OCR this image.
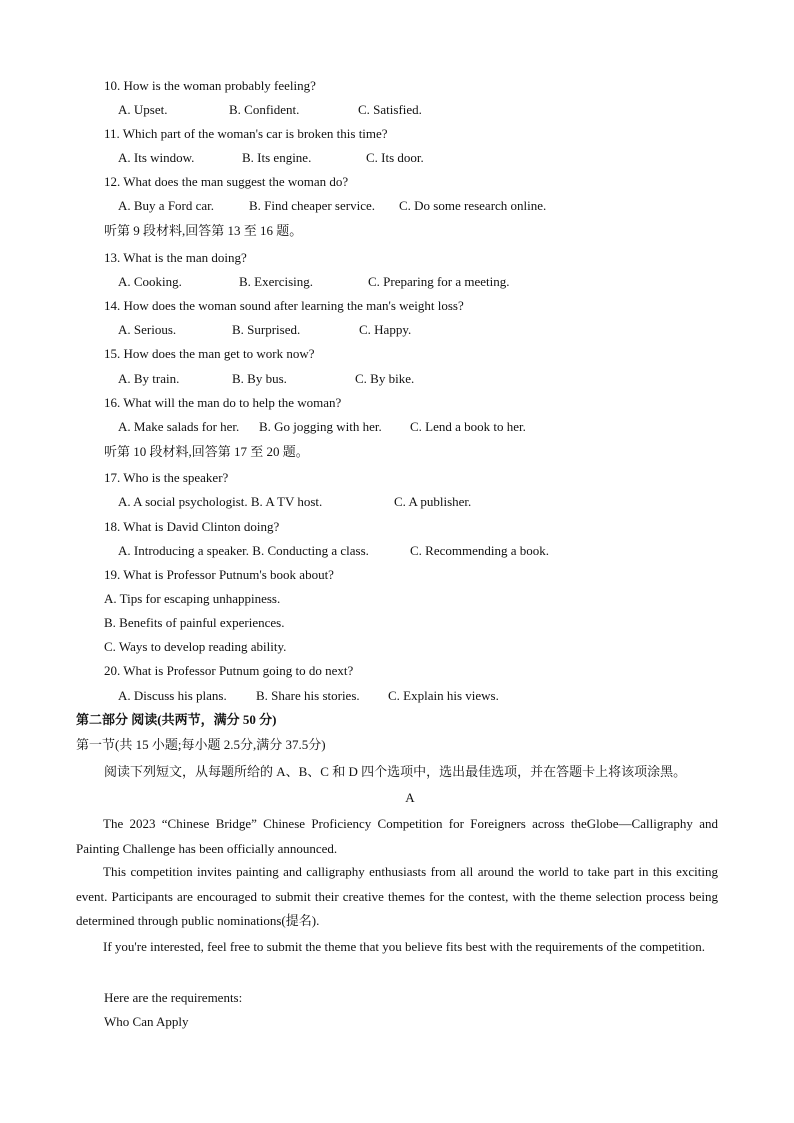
10. How is the woman probably feeling?
A. Upset.	B. Confident.	C. Satisfied.
11. Which part of the woman's car is broken this time?
A. Its window.	B. Its engine.	C. Its door.
12. What does the man suggest the woman do?
A. Buy a Ford car.	B. Find cheaper service. C. Do some research online.
听第 9 段材料,回答第 13 至 16 题。
13. What is the man doing?
A. Cooking.	B. Exercising.	C. Preparing for a meeting.
14. How does the woman sound after learning the man's weight loss?
A. Serious.	B. Surprised.	C. Happy.
15. How does the man get to work now?
A. By train.	B. By bus.	C. By bike.
16. What will the man do to help the woman?
A. Make salads for her. B. Go jogging with her. C. Lend a book to her.
听第 10 段材料,回答第 17 至 20 题。
17. Who is the speaker?
A. A social psychologist. B. A TV host.	C. A publisher.
18. What is David Clinton doing?
A. Introducing a speaker. B. Conducting a class.	C. Recommending a book.
19. What is Professor Putnum's book about?
A. Tips for escaping unhappiness.
B. Benefits of painful experiences.
C. Ways to develop reading ability.
20. What is Professor Putnum going to do next?
A. Discuss his plans. B. Share his stories. C. Explain his views.
第二部分 阅读(共两节，满分 50 分)
第一节(共 15 小题;每小题 2.5分,满分 37.5分)
阅读下列短文，从每题所给的 A、B、C 和 D 四个选项中，选出最佳选项，并在答题卡上将该项涂黑。
A

The 2023 “Chinese Bridge” Chinese Proficiency Competition for Foreigners across theGlobe—Calligraphy and Painting Challenge has been officially announced.

This competition invites painting and calligraphy enthusiasts from all around the world to take part in this exciting event. Participants are encouraged to submit their creative themes for the contest, with the theme selection process being determined through public nominations(提名).

If you're interested, feel free to submit the theme that you believe fits best with the requirements of the competition.

Here are the requirements:
Who Can Apply
